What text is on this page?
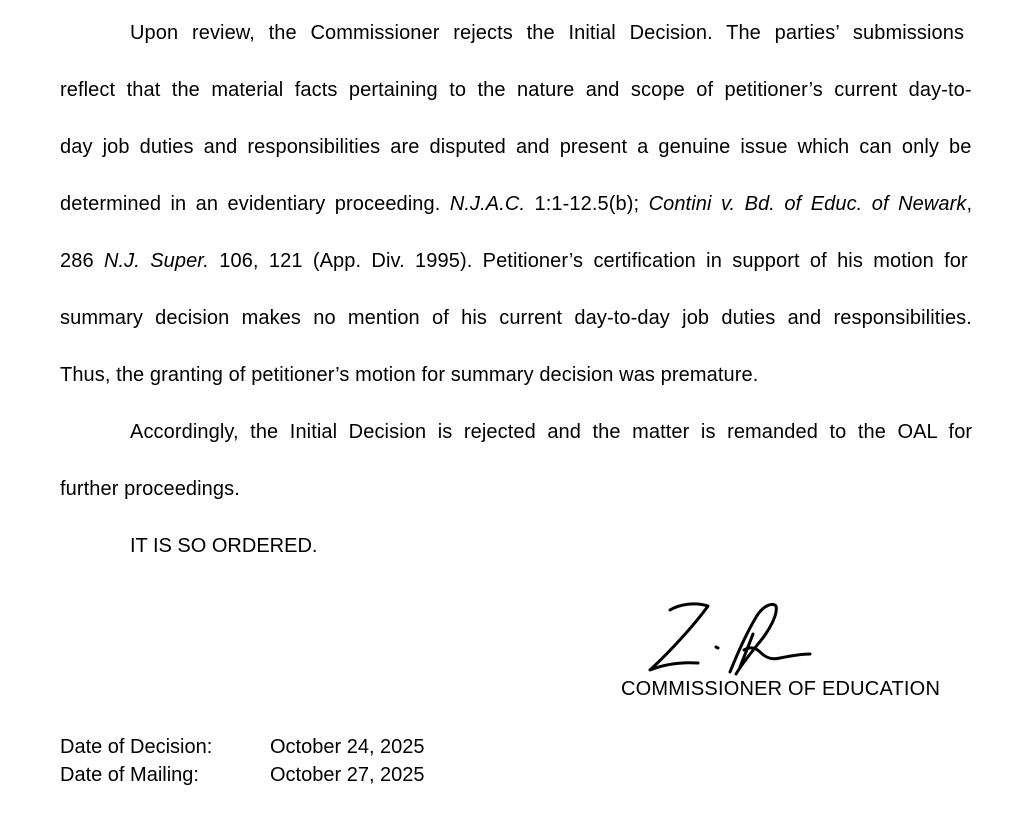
Upon review, the Commissioner rejects the Initial Decision. The parties’ submissions
reflect that the material facts pertaining to the nature and scope of petitioner’s current day-to-
day job duties and responsibilities are disputed and present a genuine issue which can only be
determined in an evidentiary proceeding. N.J.A.C. 1:1-12.5(b); Contini v. Bd. of Educ. of Newark,
286 N.J. Super. 106, 121 (App. Div. 1995). Petitioner’s certification in support of his motion for
summary decision makes no mention of his current day-to-day job duties and responsibilities.
Thus, the granting of petitioner’s motion for summary decision was premature.
Accordingly, the Initial Decision is rejected and the matter is remanded to the OAL for
further proceedings.

IT IS SO ORDERED.

COMMISSIONER OF EDUCATION

Date of Decision:	October 24, 2025
Date of Mailing:	October 27, 2025
